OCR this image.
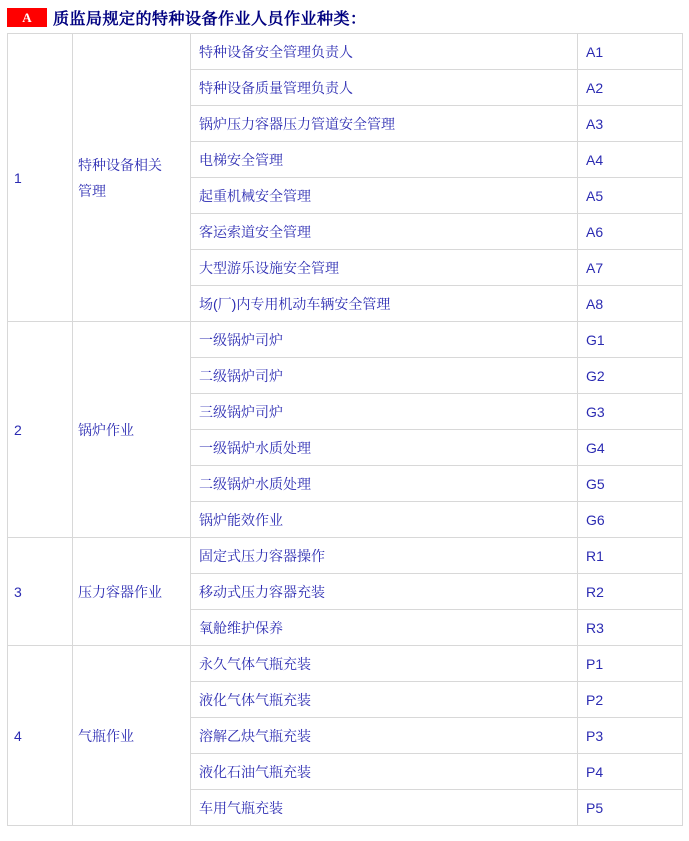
A	质监局规定的特种设备作业人员作业种类：
1	特种设备相关管理	特种设备安全管理负责人	A1
		特种设备质量管理负责人	A2
		锅炉压力容器压力管道安全管理	A3
		电梯安全管理	A4
		起重机械安全管理	A5
		客运索道安全管理	A6
		大型游乐设施安全管理	A7
		场(厂)内专用机动车辆安全管理	A8
2	锅炉作业	一级锅炉司炉	G1
		二级锅炉司炉	G2
		三级锅炉司炉	G3
		一级锅炉水质处理	G4
		二级锅炉水质处理	G5
		锅炉能效作业	G6
3	压力容器作业	固定式压力容器操作	R1
		移动式压力容器充装	R2
		氧舱维护保养	R3
4	气瓶作业	永久气体气瓶充装	P1
		液化气体气瓶充装	P2
		溶解乙炔气瓶充装	P3
		液化石油气瓶充装	P4
		车用气瓶充装	P5
